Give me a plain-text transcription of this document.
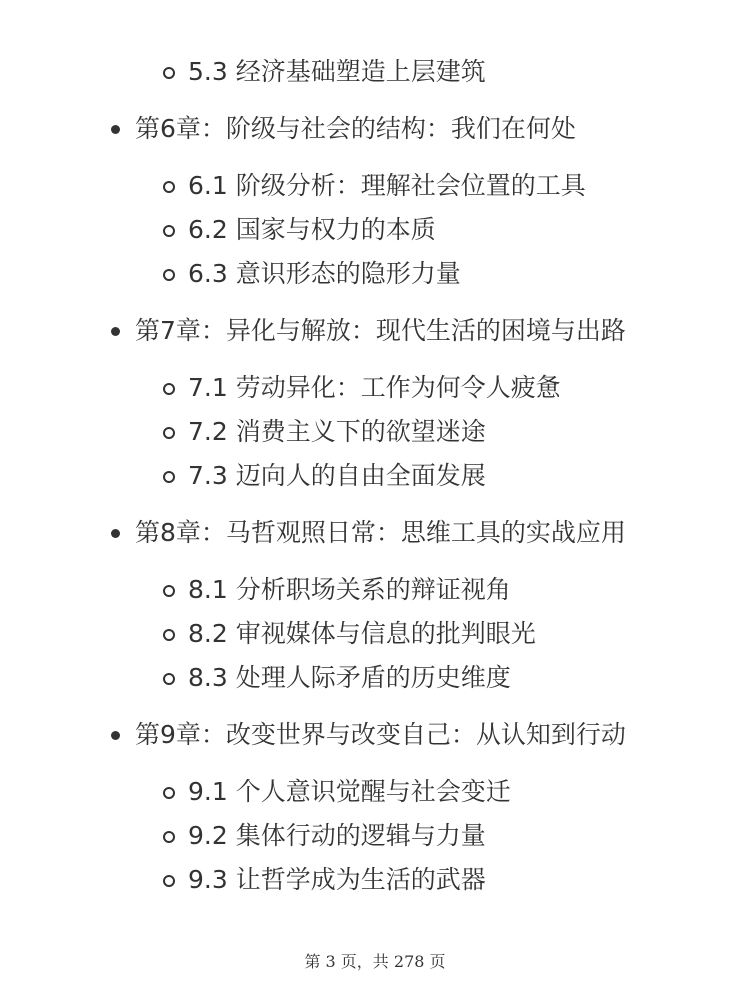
5.3 经济基础塑造上层建筑
第6章：阶级与社会的结构：我们在何处
6.1 阶级分析：理解社会位置的工具
6.2 国家与权力的本质
6.3 意识形态的隐形力量
第7章：异化与解放：现代生活的困境与出路
7.1 劳动异化：工作为何令人疲惫
7.2 消费主义下的欲望迷途
7.3 迈向人的自由全面发展
第8章：马哲观照日常：思维工具的实战应用
8.1 分析职场关系的辩证视角
8.2 审视媒体与信息的批判眼光
8.3 处理人际矛盾的历史维度
第9章：改变世界与改变自己：从认知到行动
9.1 个人意识觉醒与社会变迁
9.2 集体行动的逻辑与力量
9.3 让哲学成为生活的武器
第 3 页，共 278 页
